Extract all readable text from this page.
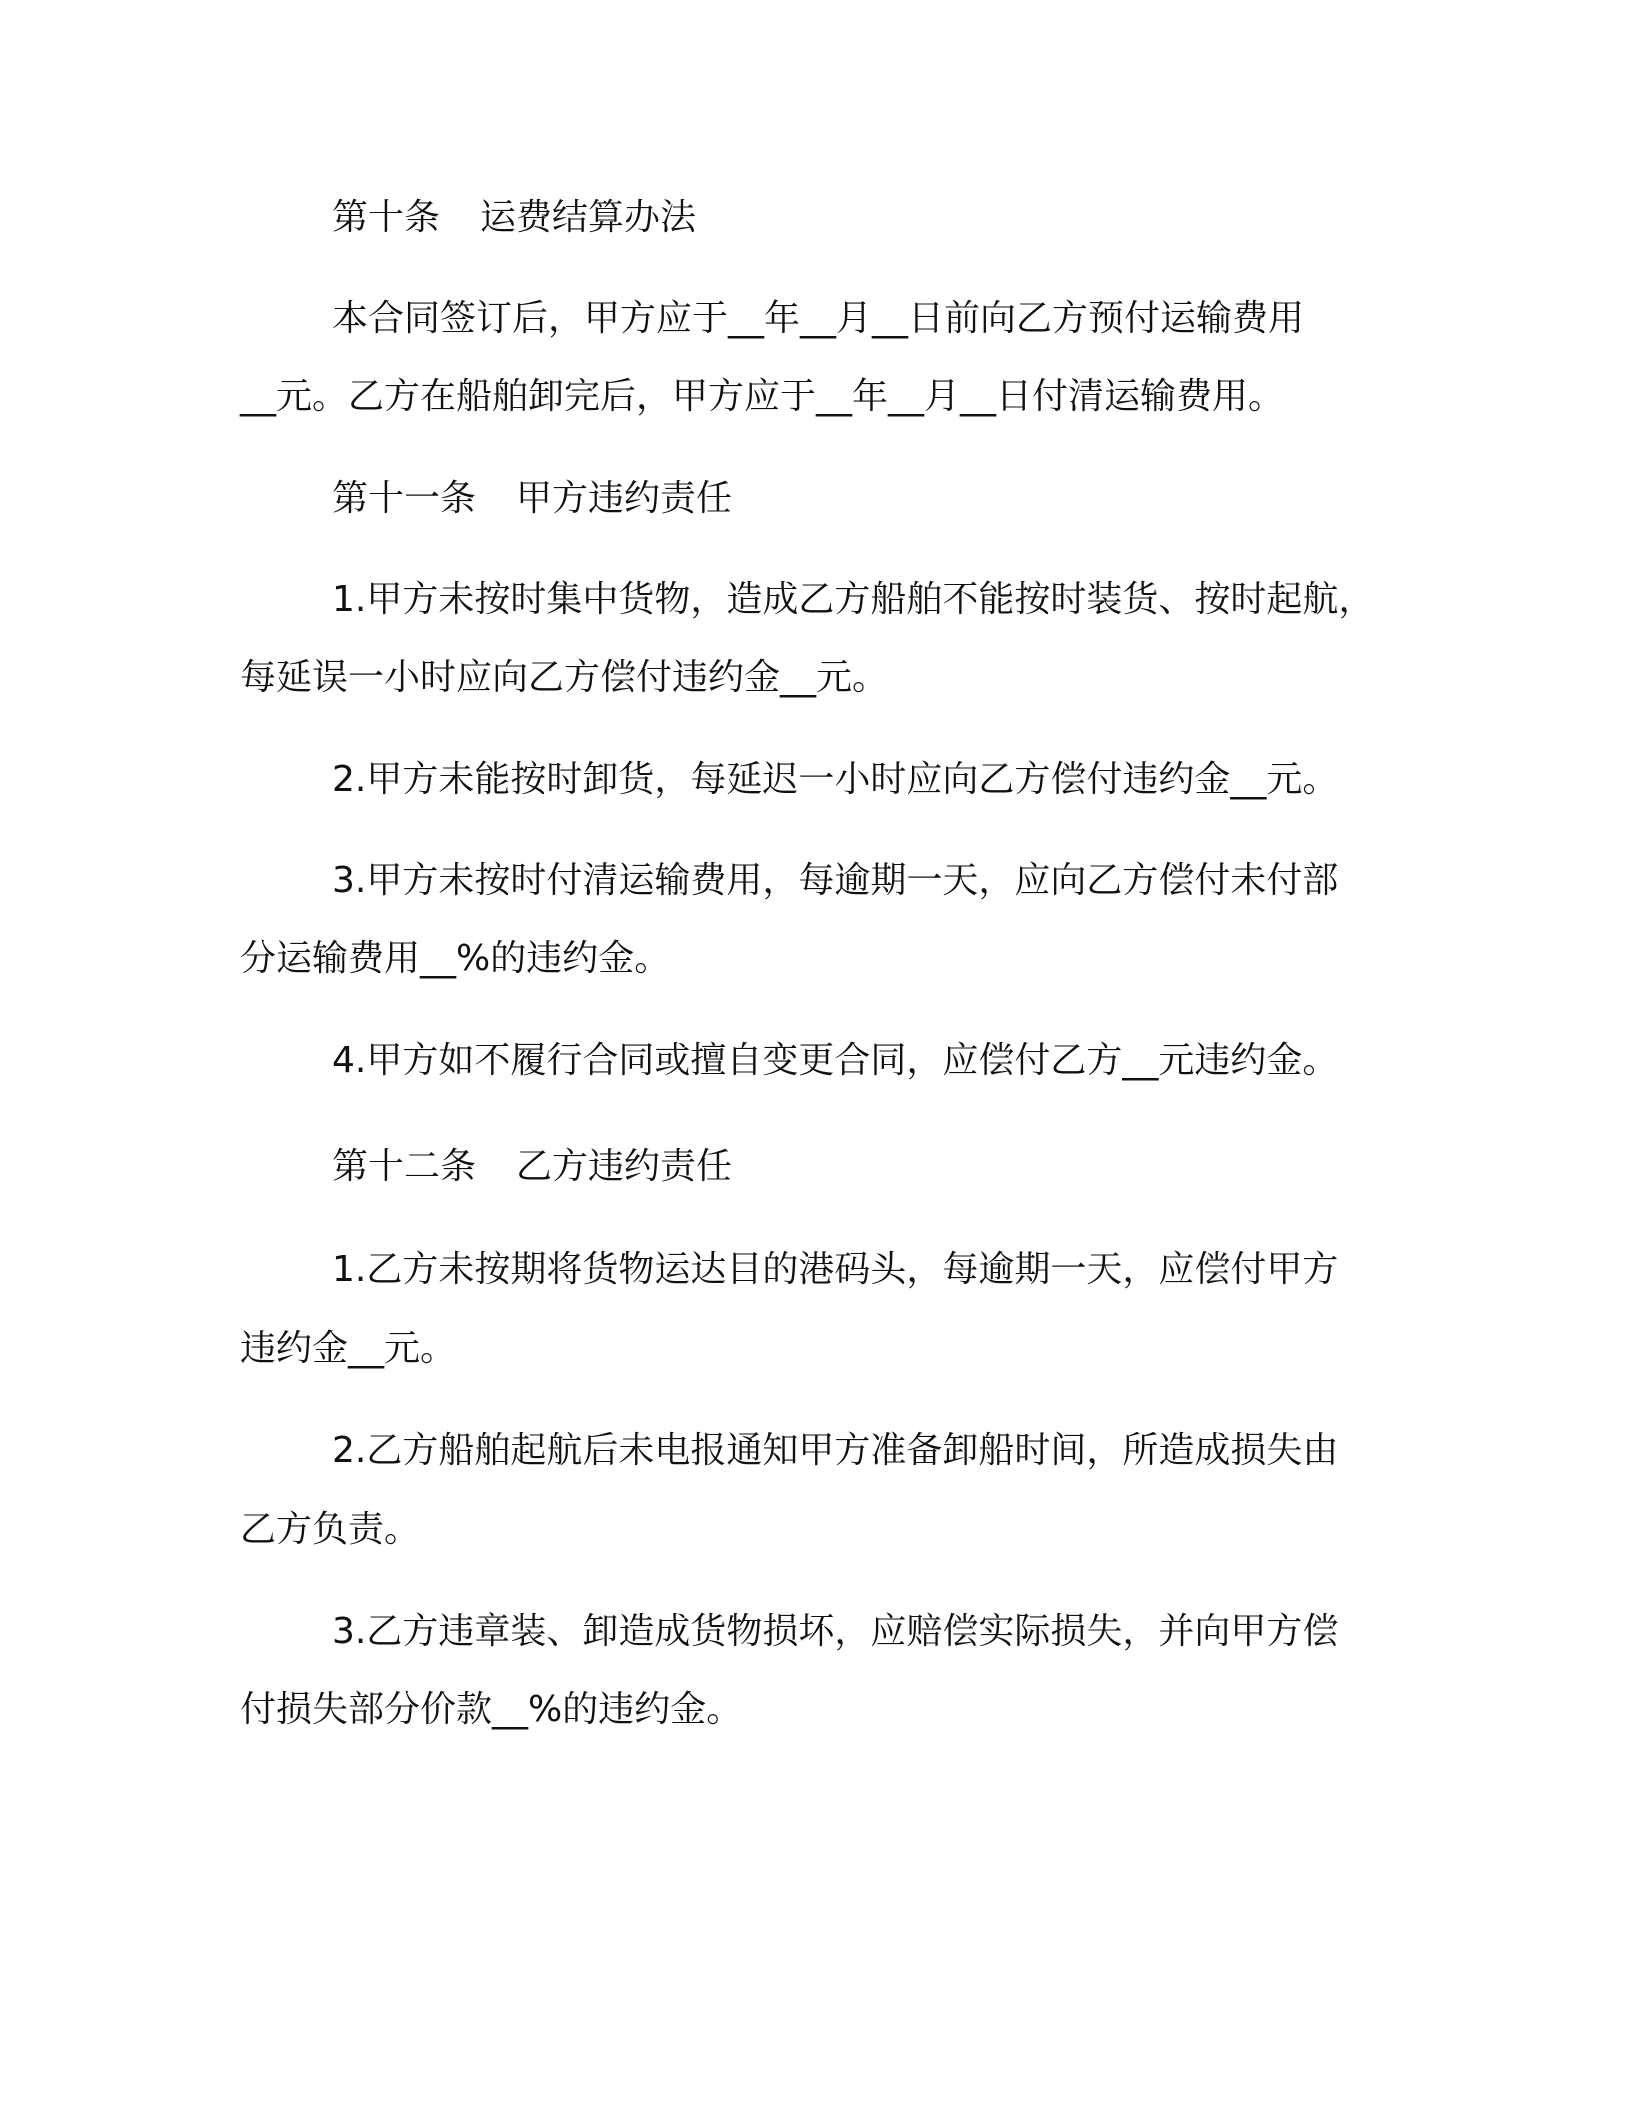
第十条 运费结算办法
本合同签订后，甲方应于__年__月__日前向乙方预付运输费用
__元。乙方在船舶卸完后，甲方应于__年__月__日付清运输费用。
第十一条 甲方违约责任
1.甲方未按时集中货物，造成乙方船舶不能按时装货、按时起航，
每延误一小时应向乙方偿付违约金__元。
2.甲方未能按时卸货，每延迟一小时应向乙方偿付违约金__元。
3.甲方未按时付清运输费用，每逾期一天，应向乙方偿付未付部
分运输费用__%的违约金。
4.甲方如不履行合同或擅自变更合同，应偿付乙方__元违约金。
第十二条 乙方违约责任
1.乙方未按期将货物运达目的港码头，每逾期一天，应偿付甲方
违约金__元。
2.乙方船舶起航后未电报通知甲方准备卸船时间，所造成损失由
乙方负责。
3.乙方违章装、卸造成货物损坏，应赔偿实际损失，并向甲方偿
付损失部分价款__%的违约金。
